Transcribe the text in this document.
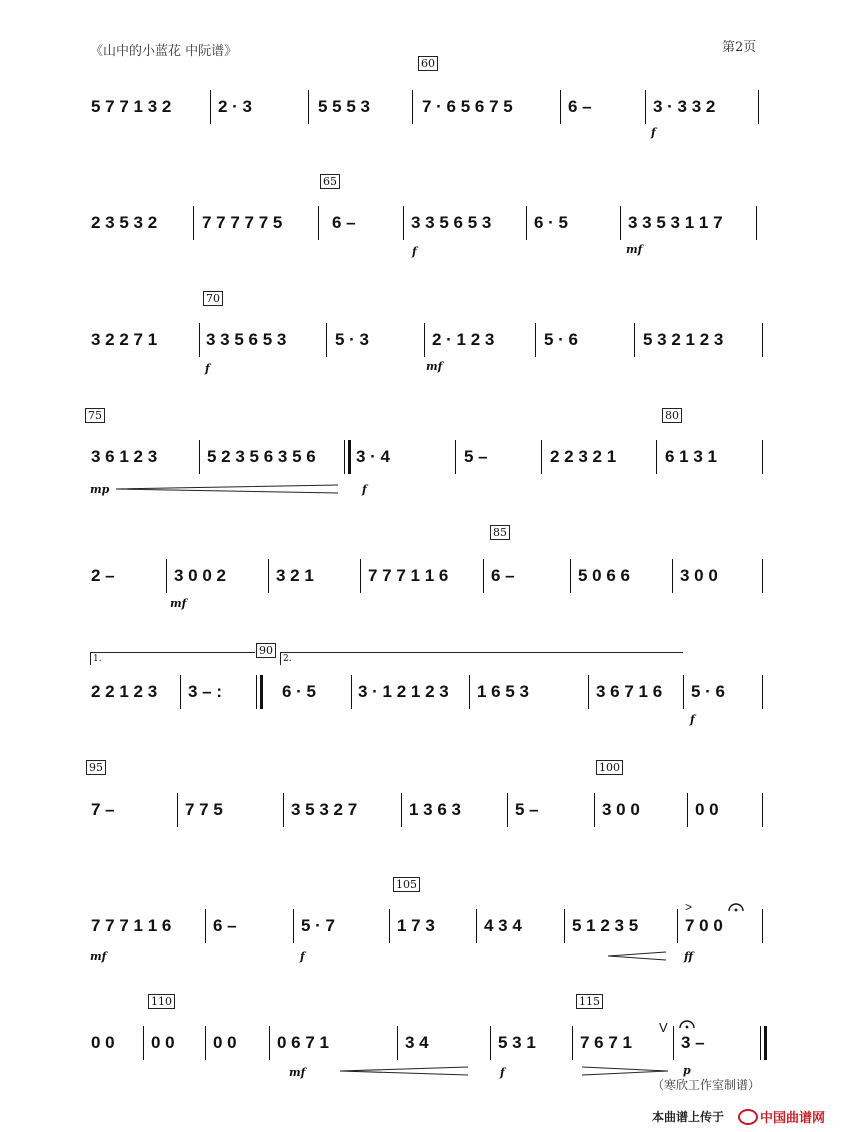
《山中的小蓝花 中阮谱》	第2页
60
5 7 7 1 3 2	2 · 3	5 5 5 3	7 · 6 5 6 7 5	6 –	3 · 3 3 2
f
65
2 3 5 3 2	7 7 7 7 7 5	6 –	3 3 5 6 5 3	6 · 5	3 3 5 3 1 1 7
f	mf
70
3 2 2 7 1	3 3 5 6 5 3	5 · 3	2 · 1 2 3	5 · 6	5 3 2 1 2 3
f	mf
75	80
3 6 1 2 3	5 2 3 5 6 3 5 6 3 · 4	5 –	2 2 3 2 1	6 1 3 1
mp	f
85
2 –	3 0 0 2	3 2 1	7 7 7 1 1 6	6 –	5 0 6 6	3 0 0
mf
1.
90
2.
2 2 1 2 3 3 – :	6 · 5 3 · 1 2 1 2 3 1 6 5 3	3 6 7 1 6 5 · 6
f
95	100
7 –	7 7 5	3 5 3 2 7	1 3 6 3	5 –	3 0 0	0 0
105
7 7 7 1 1 6 6 –	5 · 7	1 7 3	4 3 4	5 1 2 3 5	7 0 0
mf	f	ff
>
110	115
0 0 0 0 0 0 0 6 7 1	3 4	5 3 1	7 6 7 1
V
3 –
mf	f	p
（寒欣工作室制谱）
本曲谱上传于	中国曲谱网
